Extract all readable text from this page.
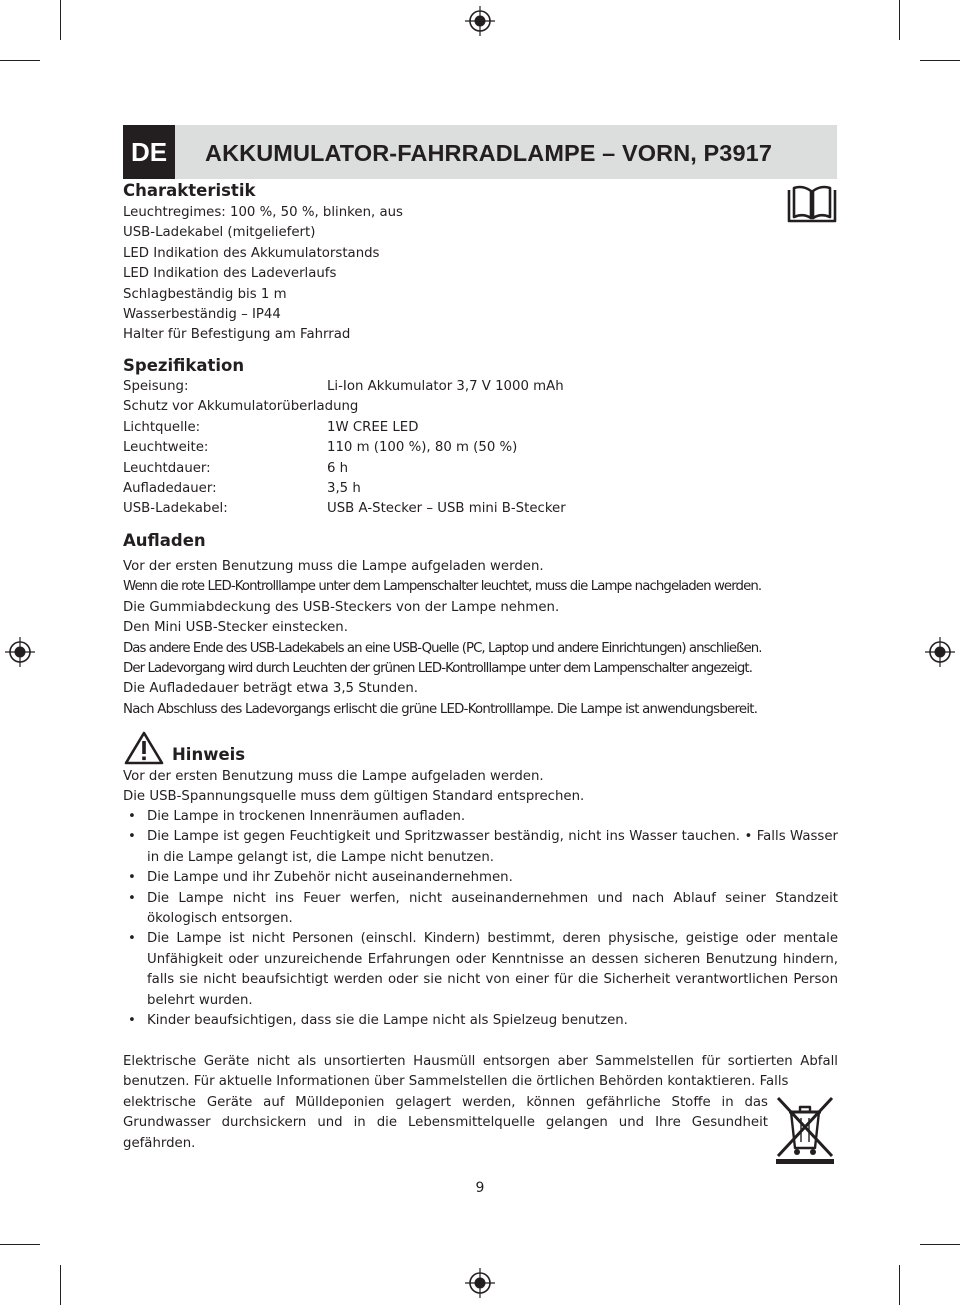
DE	AKKUMULATOR-FAHRRADLAMPE – VORN, P3917
Charakteristik
Leuchtregimes: 100 %, 50 %, blinken, aus
USB-Ladekabel (mitgeliefert)
LED Indikation des Akkumulatorstands
LED Indikation des Ladeverlaufs
Schlagbeständig bis 1 m
Wasserbeständig – IP44
Halter für Befestigung am Fahrrad
Spezifikation
Speisung:	Li-Ion Akkumulator 3,7 V 1000 mAh
Schutz vor Akkumulatorüberladung
Lichtquelle:	1W CREE LED
Leuchtweite:	110 m (100 %), 80 m (50 %)
Leuchtdauer:	6 h
Aufladedauer:	3,5 h
USB-Ladekabel:	USB A-Stecker – USB mini B-Stecker
Aufladen
Vor der ersten Benutzung muss die Lampe aufgeladen werden.
Wenn die rote LED-Kontrolllampe unter dem Lampenschalter leuchtet, muss die Lampe nachgeladen werden.
Die Gummiabdeckung des USB-Steckers von der Lampe nehmen.
Den Mini USB-Stecker einstecken.
Das andere Ende des USB-Ladekabels an eine USB-Quelle (PC, Laptop und andere Einrichtungen) anschließen.
Der Ladevorgang wird durch Leuchten der grünen LED-Kontrolllampe unter dem Lampenschalter angezeigt.
Die Aufladedauer beträgt etwa 3,5 Stunden.
Nach Abschluss des Ladevorgangs erlischt die grüne LED-Kontrolllampe. Die Lampe ist anwendungsbereit.
Hinweis
Vor der ersten Benutzung muss die Lampe aufgeladen werden.
Die USB-Spannungsquelle muss dem gültigen Standard entsprechen.
• Die Lampe in trockenen Innenräumen aufladen.
• Die Lampe ist gegen Feuchtigkeit und Spritzwasser beständig, nicht ins Wasser tauchen. • Falls Wasser in die Lampe gelangt ist, die Lampe nicht benutzen.
• Die Lampe und ihr Zubehör nicht auseinandernehmen.
• Die Lampe nicht ins Feuer werfen, nicht auseinandernehmen und nach Ablauf seiner Standzeit ökologisch entsorgen.
• Die Lampe ist nicht Personen (einschl. Kindern) bestimmt, deren physische, geistige oder mentale Unfähigkeit oder unzureichende Erfahrungen oder Kenntnisse an dessen sicheren Benutzung hindern, falls sie nicht beaufsichtigt werden oder sie nicht von einer für die Sicherheit verantwortlichen Person belehrt wurden.
• Kinder beaufsichtigen, dass sie die Lampe nicht als Spielzeug benutzen.
Elektrische Geräte nicht als unsortierten Hausmüll entsorgen aber Sammelstellen für sortierten Abfall benutzen. Für aktuelle Informationen über Sammelstellen die örtlichen Behörden kontaktieren. Falls
elektrische Geräte auf Mülldeponien gelagert werden, können gefährliche Stoffe in das Grundwasser durchsickern und in die Lebensmittelquelle gelangen und Ihre Gesundheit gefährden.
9
